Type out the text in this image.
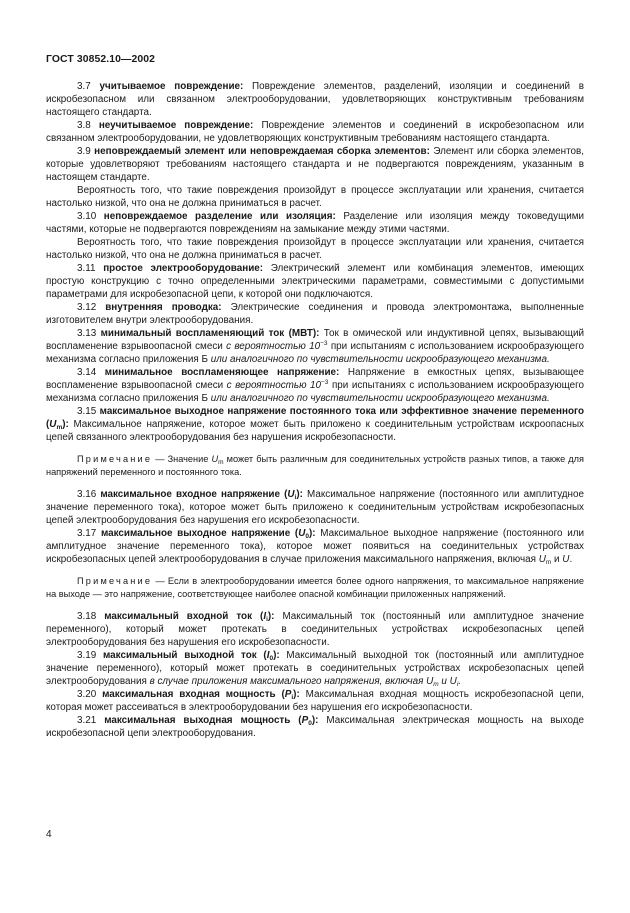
ГОСТ 30852.10—2002

3.7 учитываемое повреждение: Повреждение элементов, разделений, изоляции и соединений в искробезопасном или связанном электрооборудовании, удовлетворяющих конструктивным требованиям настоящего стандарта.

3.8 неучитываемое повреждение: Повреждение элементов и соединений в искробезопасном или связанном электрооборудовании, не удовлетворяющих конструктивным требованиям настоящего стандарта.

3.9 неповреждаемый элемент или неповреждаемая сборка элементов: Элемент или сборка элементов, которые удовлетворяют требованиям настоящего стандарта и не подвергаются повреждениям, указанным в настоящем стандарте.

Вероятность того, что такие повреждения произойдут в процессе эксплуатации или хранения, считается настолько низкой, что она не должна приниматься в расчет.

3.10 неповреждаемое разделение или изоляция: Разделение или изоляция между токоведущими частями, которые не подвергаются повреждениям на замыкание между этими частями.

Вероятность того, что такие повреждения произойдут в процессе эксплуатации или хранения, считается настолько низкой, что она не должна приниматься в расчет.

3.11 простое электрооборудование: Электрический элемент или комбинация элементов, имеющих простую конструкцию с точно определенными электрическими параметрами, совместимыми с допустимыми параметрами для искробезопасной цепи, к которой они подключаются.

3.12 внутренняя проводка: Электрические соединения и провода электромонтажа, выполненные изготовителем внутри электрооборудования.

3.13 минимальный воспламеняющий ток (МВТ): Ток в омической или индуктивной цепях, вызывающий воспламенение взрывоопасной смеси с вероятностью $10^{-3}$ при испытаниям с использованием искрообразующего механизма согласно приложения Б или аналогичного по чувствительности искрообразующего механизма.

3.14 минимальное воспламеняющее напряжение: Напряжение в емкостных цепях, вызывающее воспламенение взрывоопасной смеси с вероятностью $10^{-3}$ при испытаниях с использованием искрообразующего механизма согласно приложения Б или аналогичного по чувствительности искрообразующего механизма.

3.15 максимальное выходное напряжение постоянного тока или эффективное значение переменного $(U_m)$: Максимальное напряжение, которое может быть приложено к соединительным устройствам искроопасных цепей связанного электрооборудования без нарушения искробезопасности.

Примечание — Значение $U_m$ может быть различным для соединительных устройств разных типов, а также для напряжений переменного и постоянного тока.

3.16 максимальное входное напряжение $(U_i)$: Максимальное напряжение (постоянного или амплитудное значение переменного тока), которое может быть приложено к соединительным устройствам искробезопасных цепей электрооборудования без нарушения его искробезопасности.

3.17 максимальное выходное напряжение $(U_0)$: Максимальное выходное напряжение (постоянного или амплитудное значение переменного тока), которое может появиться на соединительных устройствах искробезопасных цепей электрооборудования в случае приложения максимального напряжения, включая $U_m$ и U.

Примечание — Если в электрооборудовании имеется более одного напряжения, то максимальное напряжение на выходе — это напряжение, соответствующее наиболее опасной комбинации приложенных напряжений.

3.18 максимальный входной ток $(I_i)$: Максимальный ток (постоянный или амплитудное значение переменного), который может протекать в соединительных устройствах искробезопасных цепей электрооборудования без нарушения его искробезопасности.

3.19 максимальный выходной ток $(I_0)$: Максимальный выходной ток (постоянный или амплитудное значение переменного), который может протекать в соединительных устройствах искробезопасных цепей электрооборудования в случае приложения максимального напряжения, включая $U_m$ и $U_i$.

3.20 максимальная входная мощность $(P_i)$: Максимальная входная мощность искробезопасной цепи, которая может рассеиваться в электрооборудовании без нарушения его искробезопасности.

3.21 максимальная выходная мощность $(P_0)$: Максимальная электрическая мощность на выходе искробезопасной цепи электрооборудования.

4
